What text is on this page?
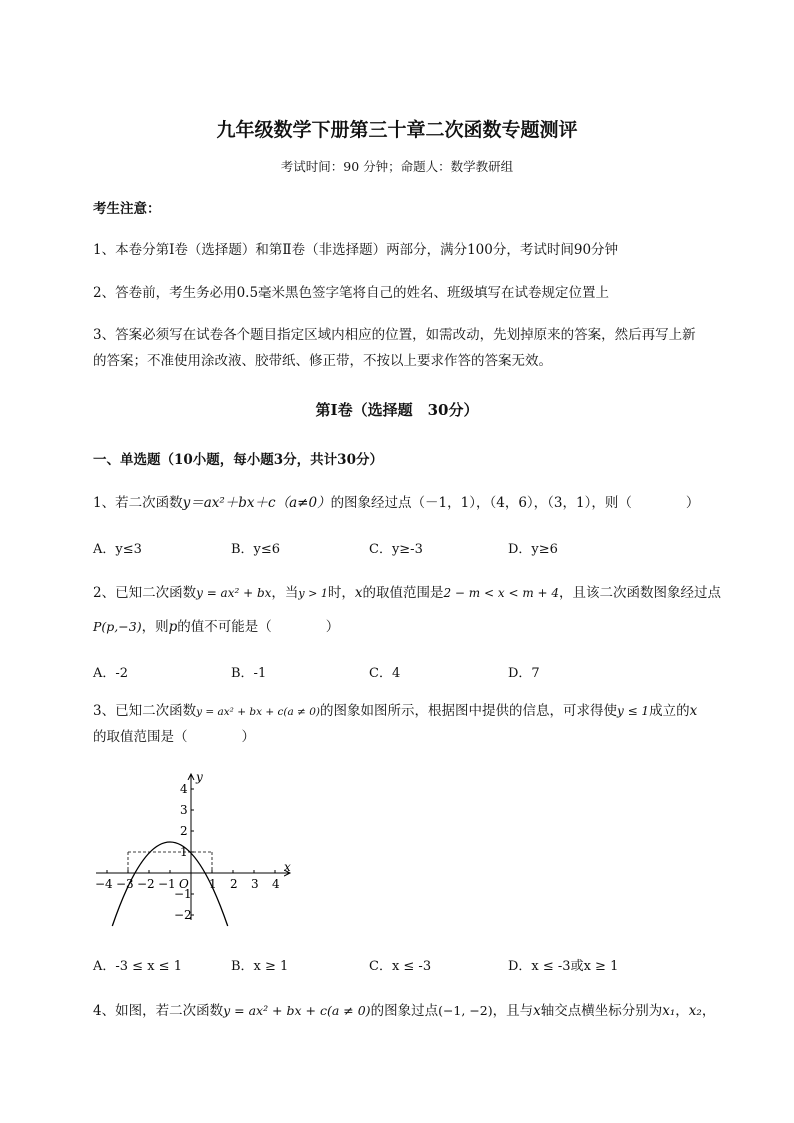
九年级数学下册第三十章二次函数专题测评
考试时间：90 分钟；命题人：数学教研组
考生注意：
1、本卷分第Ⅰ卷（选择题）和第Ⅱ卷（非选择题）两部分，满分100分，考试时间90分钟
2、答卷前，考生务必用0.5毫米黑色签字笔将自己的姓名、班级填写在试卷规定位置上
3、答案必须写在试卷各个题目指定区域内相应的位置，如需改动，先划掉原来的答案，然后再写上新
的答案；不准使用涂改液、胶带纸、修正带，不按以上要求作答的答案无效。
第Ⅰ卷（选择题　30分）
一、单选题（10小题，每小题3分，共计30分）
1、若二次函数y＝ax²＋bx＋c（a≠0）的图象经过点（－1，1），（4，6），（3，1），则（	）
A．y≤3	B．y≤6	C．y≥-3	D．y≥6
2、已知二次函数y = ax² + bx，当y > 1时，x的取值范围是2 − m < x < m + 4，且该二次函数图象经过点
P(p,−3)，则p的值不可能是（	）
A．-2	B．-1	C．4	D．7
3、已知二次函数y = ax² + bx + c(a ≠ 0)的图象如图所示，根据图中提供的信息，可求得使y ≤ 1成立的x
的取值范围是（	）
x
y
O
−4 −3 −2 −1	1 2 3 4
4
3
2
1
−1
−2
A．-3 ≤ x ≤ 1	B．x ≥ 1	C．x ≤ -3	D．x ≤ -3或x ≥ 1
4、如图，若二次函数y = ax² + bx + c(a ≠ 0)的图象过点(−1, −2)，且与x轴交点横坐标分别为x₁，x₂，
